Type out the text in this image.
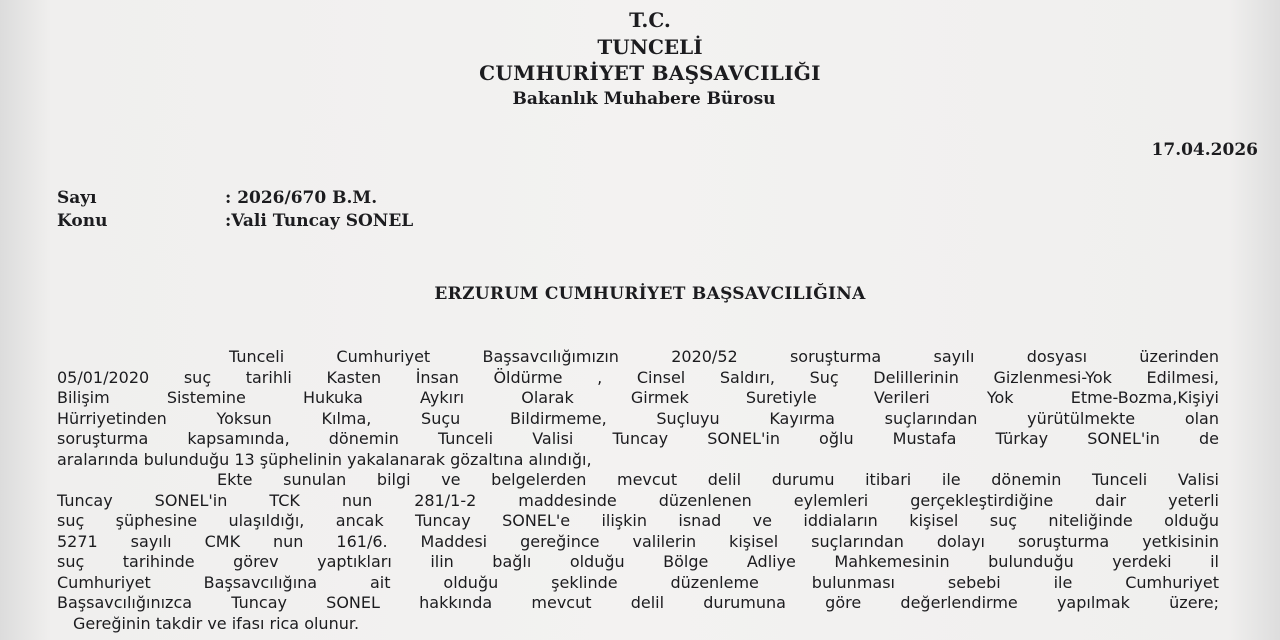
T.C.
TUNCELİ
CUMHURİYET BAŞSAVCILIĞI
Bakanlık Muhabere Bürosu
17.04.2026
Sayı	: 2026/670 B.M.
Konu	:Vali Tuncay SONEL
ERZURUM CUMHURİYET BAŞSAVCILIĞINA
Tunceli Cumhuriyet Başsavcılığımızın 2020/52 soruşturma sayılı dosyası üzerinden
05/01/2020 suç tarihli Kasten İnsan Öldürme , Cinsel Saldırı, Suç Delillerinin Gizlenmesi-Yok Edilmesi,
Bilişim Sistemine Hukuka Aykırı Olarak Girmek Suretiyle Verileri Yok Etme-Bozma,Kişiyi
Hürriyetinden Yoksun Kılma, Suçu Bildirmeme, Suçluyu Kayırma suçlarından yürütülmekte olan
soruşturma kapsamında, dönemin Tunceli Valisi Tuncay SONEL'in oğlu Mustafa Türkay SONEL'in de
aralarında bulunduğu 13 şüphelinin yakalanarak gözaltına alındığı,
Ekte sunulan bilgi ve belgelerden mevcut delil durumu itibari ile dönemin Tunceli Valisi
Tuncay SONEL'in TCK nun 281/1-2 maddesinde düzenlenen eylemleri gerçekleştirdiğine dair yeterli
suç şüphesine ulaşıldığı, ancak Tuncay SONEL'e ilişkin isnad ve iddiaların kişisel suç niteliğinde olduğu
5271 sayılı CMK nun 161/6. Maddesi gereğince valilerin kişisel suçlarından dolayı soruşturma yetkisinin
suç tarihinde görev yaptıkları ilin bağlı olduğu Bölge Adliye Mahkemesinin bulunduğu yerdeki il
Cumhuriyet Başsavcılığına ait olduğu şeklinde düzenleme bulunması sebebi ile Cumhuriyet
Başsavcılığınızca Tuncay SONEL hakkında mevcut delil durumuna göre değerlendirme yapılmak üzere;
Gereğinin takdir ve ifası rica olunur.
